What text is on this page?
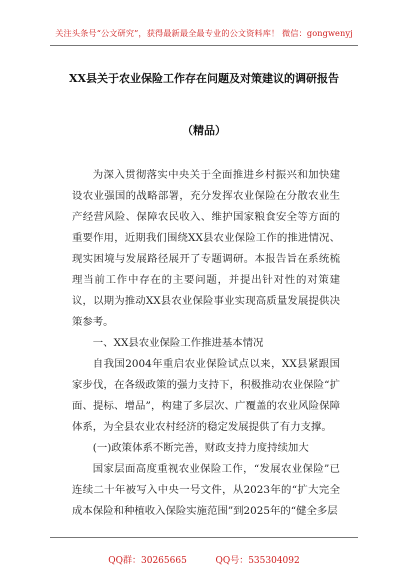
关注头条号“公文研究”，获得最新最全最专业的公文资料库！ 微信：gongwenyj
XX县关于农业保险工作存在问题及对策建议的调研报告
（精品）

为深入贯彻落实中央关于全面推进乡村振兴和加快建设农业强国的战略部署，充分发挥农业保险在分散农业生产经营风险、保障农民收入、维护国家粮食安全等方面的重要作用，近期我们围绕XX县农业保险工作的推进情况、现实困境与发展路径展开了专题调研。本报告旨在系统梳理当前工作中存在的主要问题，并提出针对性的对策建议，以期为推动XX县农业保险事业实现高质量发展提供决策参考。

一、XX县农业保险工作推进基本情况

自我国2004年重启农业保险试点以来，XX县紧跟国家步伐，在各级政策的强力支持下，积极推动农业保险“扩面、提标、增品”，构建了多层次、广覆盖的农业风险保障体系，为全县农业农村经济的稳定发展提供了有力支撑。

(一)政策体系不断完善，财政支持力度持续加大

国家层面高度重视农业保险工作，“发展农业保险”已连续二十年被写入中央一号文件，从2023年的“扩大完全成本保险和种植收入保险实施范围”到2025年的“健全多层

QQ群：30265665	QQ号：535304092
